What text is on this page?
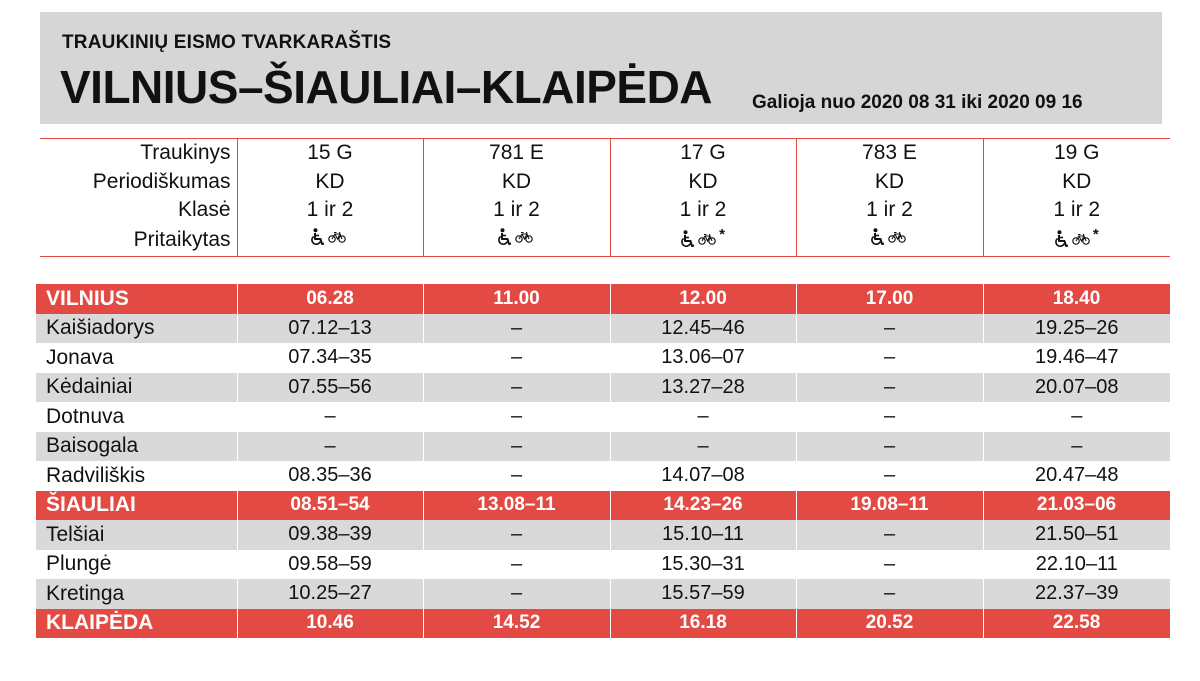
TRAUKINIŲ EISMO TVARKARAŠTIS
VILNIUS–ŠIAULIAI–KLAIPĖDA Galioja nuo 2020 08 31 iki 2020 09 16
Traukinys	15 G	781 E	17 G	783 E	19 G
Periodiškumas	KD	KD	KD	KD	KD
Klasė	1 ir 2	1 ir 2	1 ir 2	1 ir 2	1 ir 2
Pritaikytas			*		*
VILNIUS	06.28	11.00	12.00	17.00	18.40
Kaišiadorys	07.12–13	–	12.45–46	–	19.25–26
Jonava	07.34–35	–	13.06–07	–	19.46–47
Kėdainiai	07.55–56	–	13.27–28	–	20.07–08
Dotnuva	–	–	–	–	–
Baisogala	–	–	–	–	–
Radviliškis	08.35–36	–	14.07–08	–	20.47–48
ŠIAULIAI	08.51–54	13.08–11	14.23–26	19.08–11	21.03–06
Telšiai	09.38–39	–	15.10–11	–	21.50–51
Plungė	09.58–59	–	15.30–31	–	22.10–11
Kretinga	10.25–27	–	15.57–59	–	22.37–39
KLAIPĖDA	10.46	14.52	16.18	20.52	22.58
